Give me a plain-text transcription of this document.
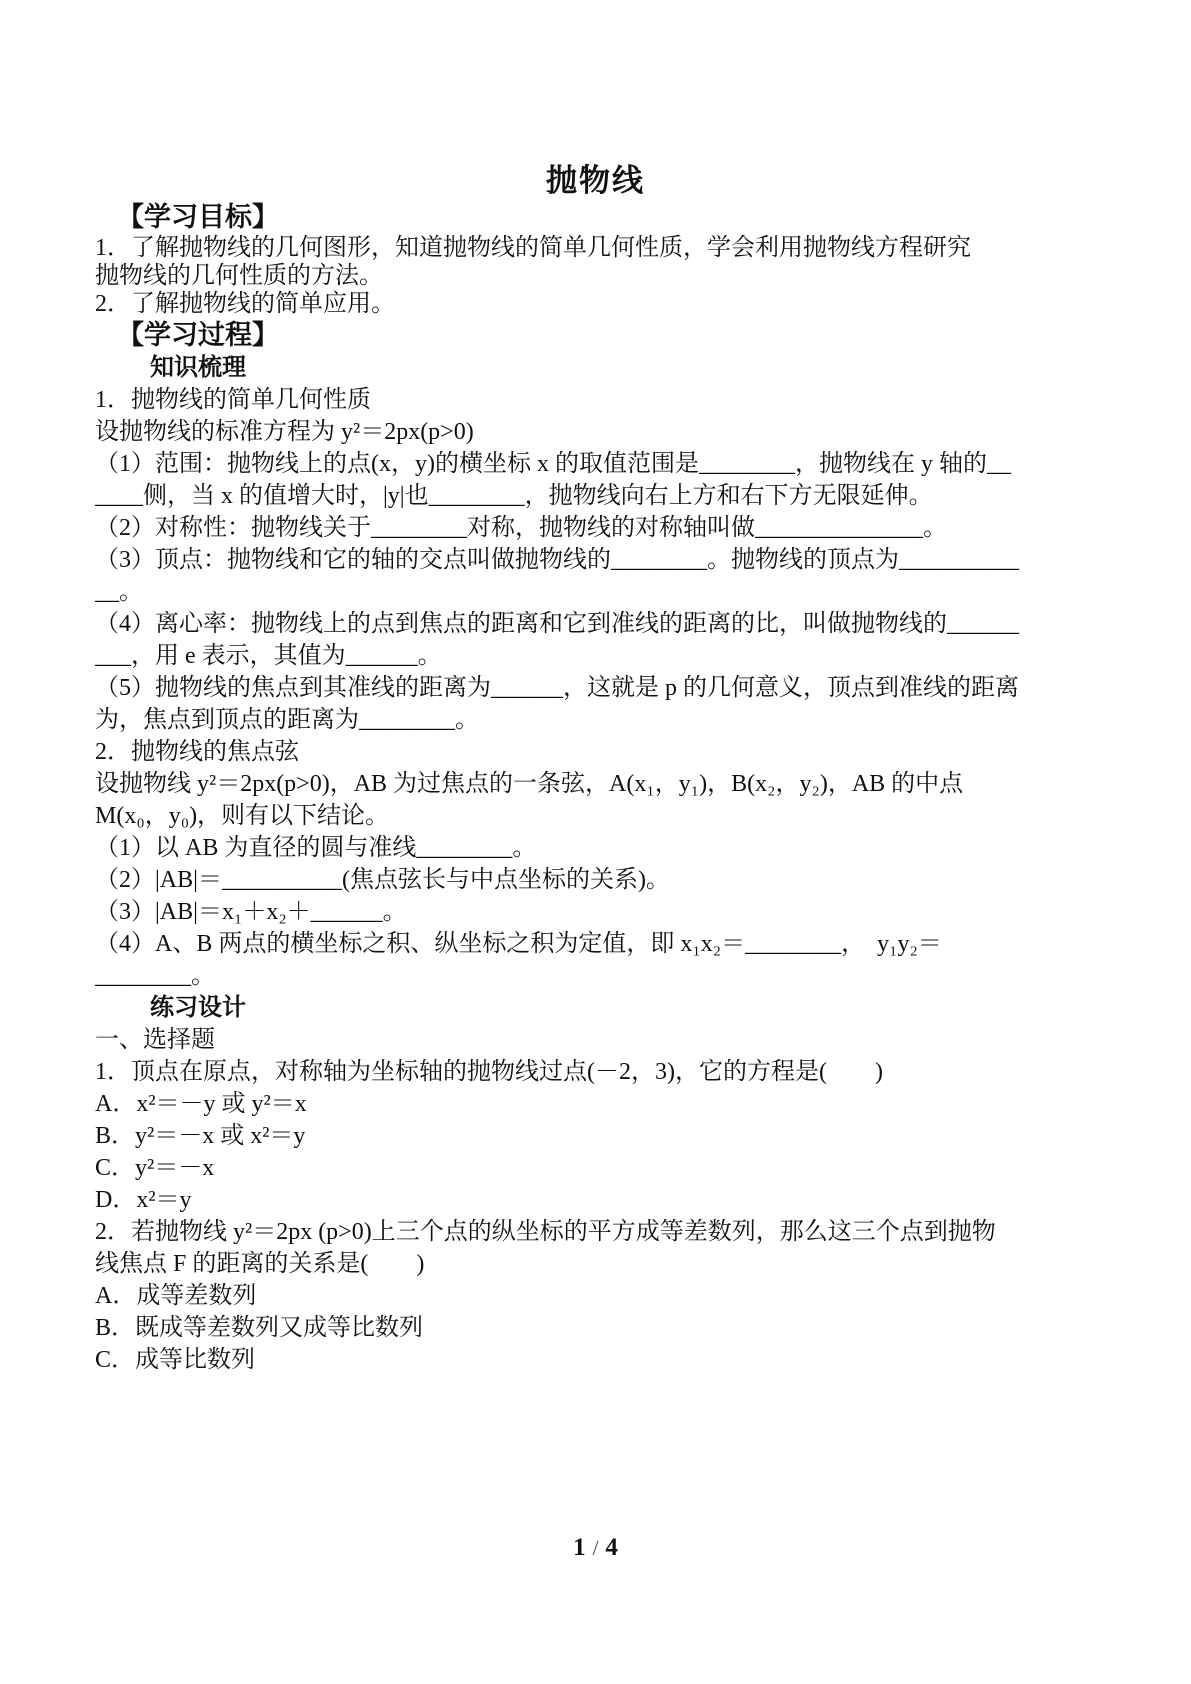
抛物线
【学习目标】

1．了解抛物线的几何图形，知道抛物线的简单几何性质，学会利用抛物线方程研究

抛物线的几何性质的方法。

2．了解抛物线的简单应用。

【学习过程】
知识梳理

1．抛物线的简单几何性质

设抛物线的标准方程为 y²＝2px(p>0)

（1）范围：抛物线上的点(x，y)的横坐标 x 的取值范围是________，抛物线在 y 轴的__

____侧，当 x 的值增大时，|y|也________，抛物线向右上方和右下方无限延伸。

（2）对称性：抛物线关于________对称，抛物线的对称轴叫做______________。

（3）顶点：抛物线和它的轴的交点叫做抛物线的________。抛物线的顶点为__________

__。

（4）离心率：抛物线上的点到焦点的距离和它到准线的距离的比，叫做抛物线的______

___，用 e 表示，其值为______。

（5）抛物线的焦点到其准线的距离为______，这就是 p 的几何意义，顶点到准线的距离

为，焦点到顶点的距离为________。

2．抛物线的焦点弦

设抛物线 y²＝2px(p>0)，AB 为过焦点的一条弦，A(x₁，y₁)，B(x₂，y₂)，AB 的中点

M(x₀，y₀)，则有以下结论。

（1）以 AB 为直径的圆与准线________。

（2）|AB|＝__________(焦点弦长与中点坐标的关系)。

（3）|AB|＝x₁＋x₂＋______。

（4）A、B 两点的横坐标之积、纵坐标之积为定值，即 x₁x₂＝________，  y₁y₂＝

________。

练习设计

一、选择题

1．顶点在原点，对称轴为坐标轴的抛物线过点(－2，3)，它的方程是(　　)

A．x²＝－y 或 y²＝x

B．y²＝－x 或 x²＝y

C．y²＝－x

D．x²＝y

2．若抛物线 y²＝2px (p>0)上三个点的纵坐标的平方成等差数列，那么这三个点到抛物

线焦点 F 的距离的关系是(　　)

A．成等差数列

B．既成等差数列又成等比数列

C．成等比数列

1 / 4
